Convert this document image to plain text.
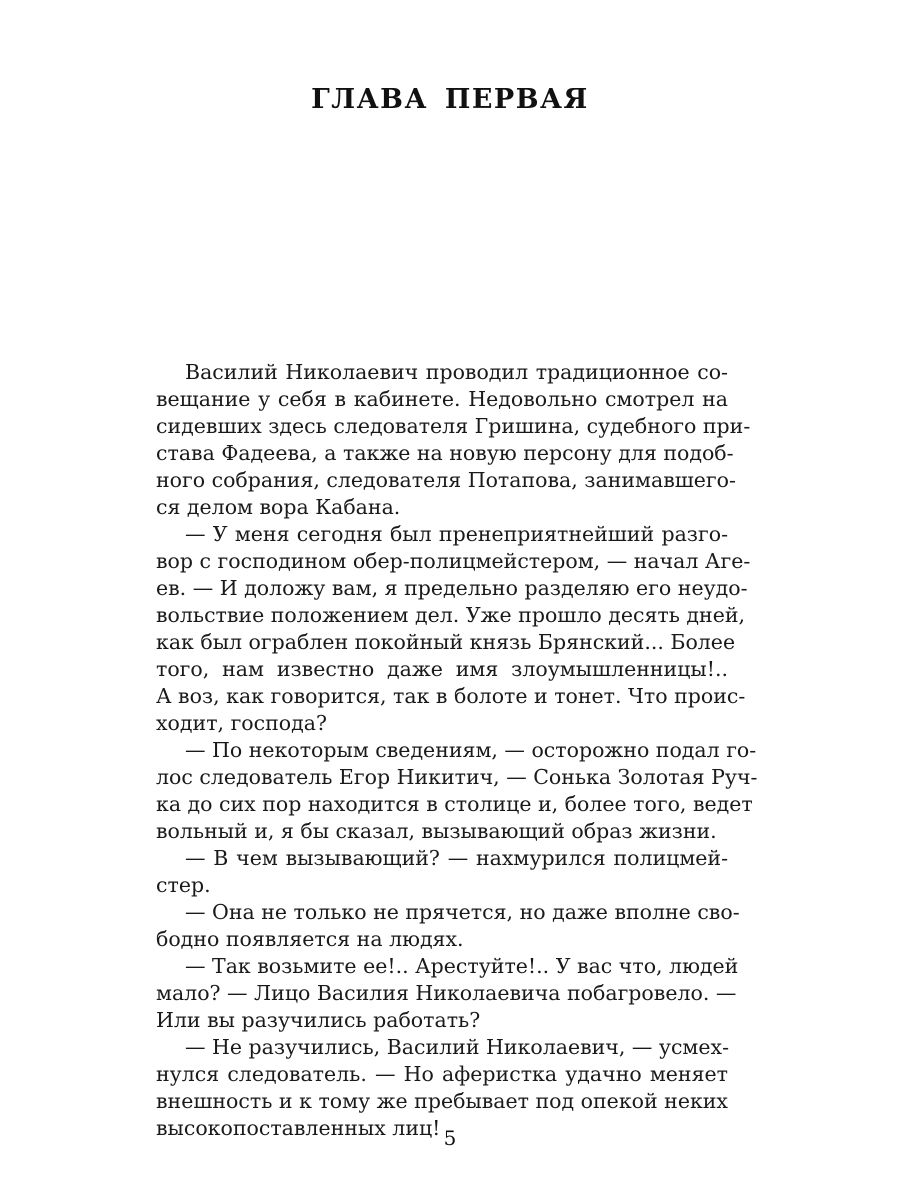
ГЛАВА ПЕРВАЯ
Василий Николаевич проводил традиционное со-
вещание у себя в кабинете. Недовольно смотрел на
сидевших здесь следователя Гришина, судебного при-
става Фадеева, а также на новую персону для подоб-
ного собрания, следователя Потапова, занимавшего-
ся делом вора Кабана.
— У меня сегодня был пренеприятнейший разго-
вор с господином обер-полицмейстером, — начал Аге-
ев. — И доложу вам, я предельно разделяю его неудо-
вольствие положением дел. Уже прошло десять дней,
как был ограблен покойный князь Брянский... Более
того, нам известно даже имя злоумышленницы!..
А воз, как говорится, так в болоте и тонет. Что проис-
ходит, господа?
— По некоторым сведениям, — осторожно подал го-
лос следователь Егор Никитич, — Сонька Золотая Руч-
ка до сих пор находится в столице и, более того, ведет
вольный и, я бы сказал, вызывающий образ жизни.
— В чем вызывающий? — нахмурился полицмей-
стер.
— Она не только не прячется, но даже вполне сво-
бодно появляется на людях.
— Так возьмите ее!.. Арестуйте!.. У вас что, людей
мало? — Лицо Василия Николаевича побагровело. —
Или вы разучились работать?
— Не разучились, Василий Николаевич, — усмех-
нулся следователь. — Но аферистка удачно меняет
внешность и к тому же пребывает под опекой неких
высокопоставленных лиц! 5
